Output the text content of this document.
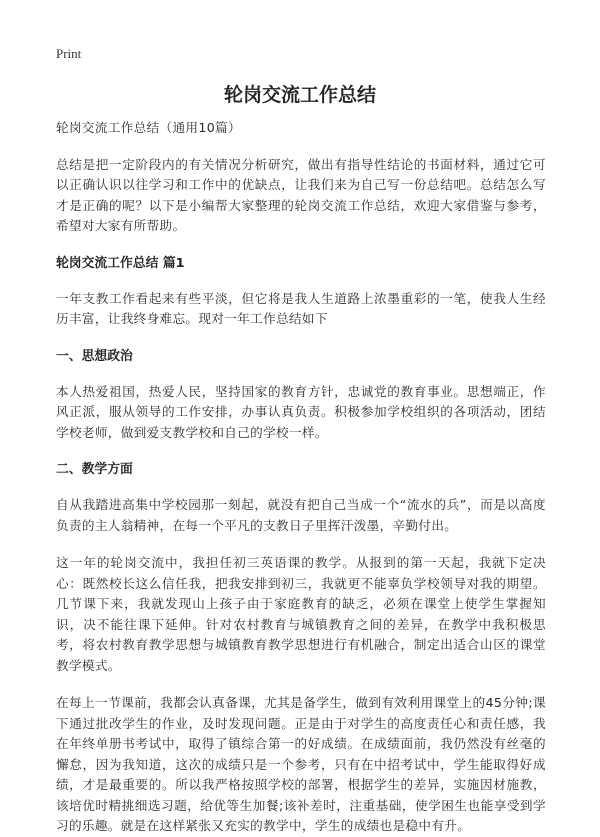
Print
轮岗交流工作总结

轮岗交流工作总结（通用10篇）

总结是把一定阶段内的有关情况分析研究，做出有指导性结论的书面材料，通过它可以正确认识以往学习和工作中的优缺点，让我们来为自己写一份总结吧。总结怎么写才是正确的呢？以下是小编帮大家整理的轮岗交流工作总结，欢迎大家借鉴与参考，希望对大家有所帮助。

轮岗交流工作总结 篇1

一年支教工作看起来有些平淡，但它将是我人生道路上浓墨重彩的一笔，使我人生经历丰富，让我终身难忘。现对一年工作总结如下

一、思想政治

本人热爱祖国，热爱人民，坚持国家的教育方针，忠诚党的教育事业。思想端正，作风正派，服从领导的工作安排，办事认真负责。积极参加学校组织的各项活动，团结学校老师，做到爱支教学校和自己的学校一样。

二、教学方面

自从我踏进高集中学校园那一刻起，就没有把自己当成一个“流水的兵”，而是以高度负责的主人翁精神，在每一个平凡的支教日子里挥汗泼墨，辛勤付出。

这一年的轮岗交流中，我担任初三英语课的教学。从报到的第一天起，我就下定决心：既然校长这么信任我，把我安排到初三，我就更不能辜负学校领导对我的期望。几节课下来，我就发现山上孩子由于家庭教育的缺乏，必须在课堂上使学生掌握知识，决不能往课下延伸。针对农村教育与城镇教育之间的差异，在教学中我积极思考，将农村教育教学思想与城镇教育教学思想进行有机融合，制定出适合山区的课堂教学模式。

在每上一节课前，我都会认真备课，尤其是备学生，做到有效利用课堂上的45分钟;课下通过批改学生的作业，及时发现问题。正是由于对学生的高度责任心和责任感，我在年终单册书考试中，取得了镇综合第一的好成绩。在成绩面前，我仍然没有丝毫的懈怠，因为我知道，这次的成绩只是一个参考，只有在中招考试中，学生能取得好成绩，才是最重要的。所以我严格按照学校的部署，根据学生的差异，实施因材施教，该培优时精挑细选习题，给优等生加餐;该补差时，注重基础，使学困生也能享受到学习的乐趣。就是在这样紧张又充实的教学中，学生的成绩也是稳中有升。
